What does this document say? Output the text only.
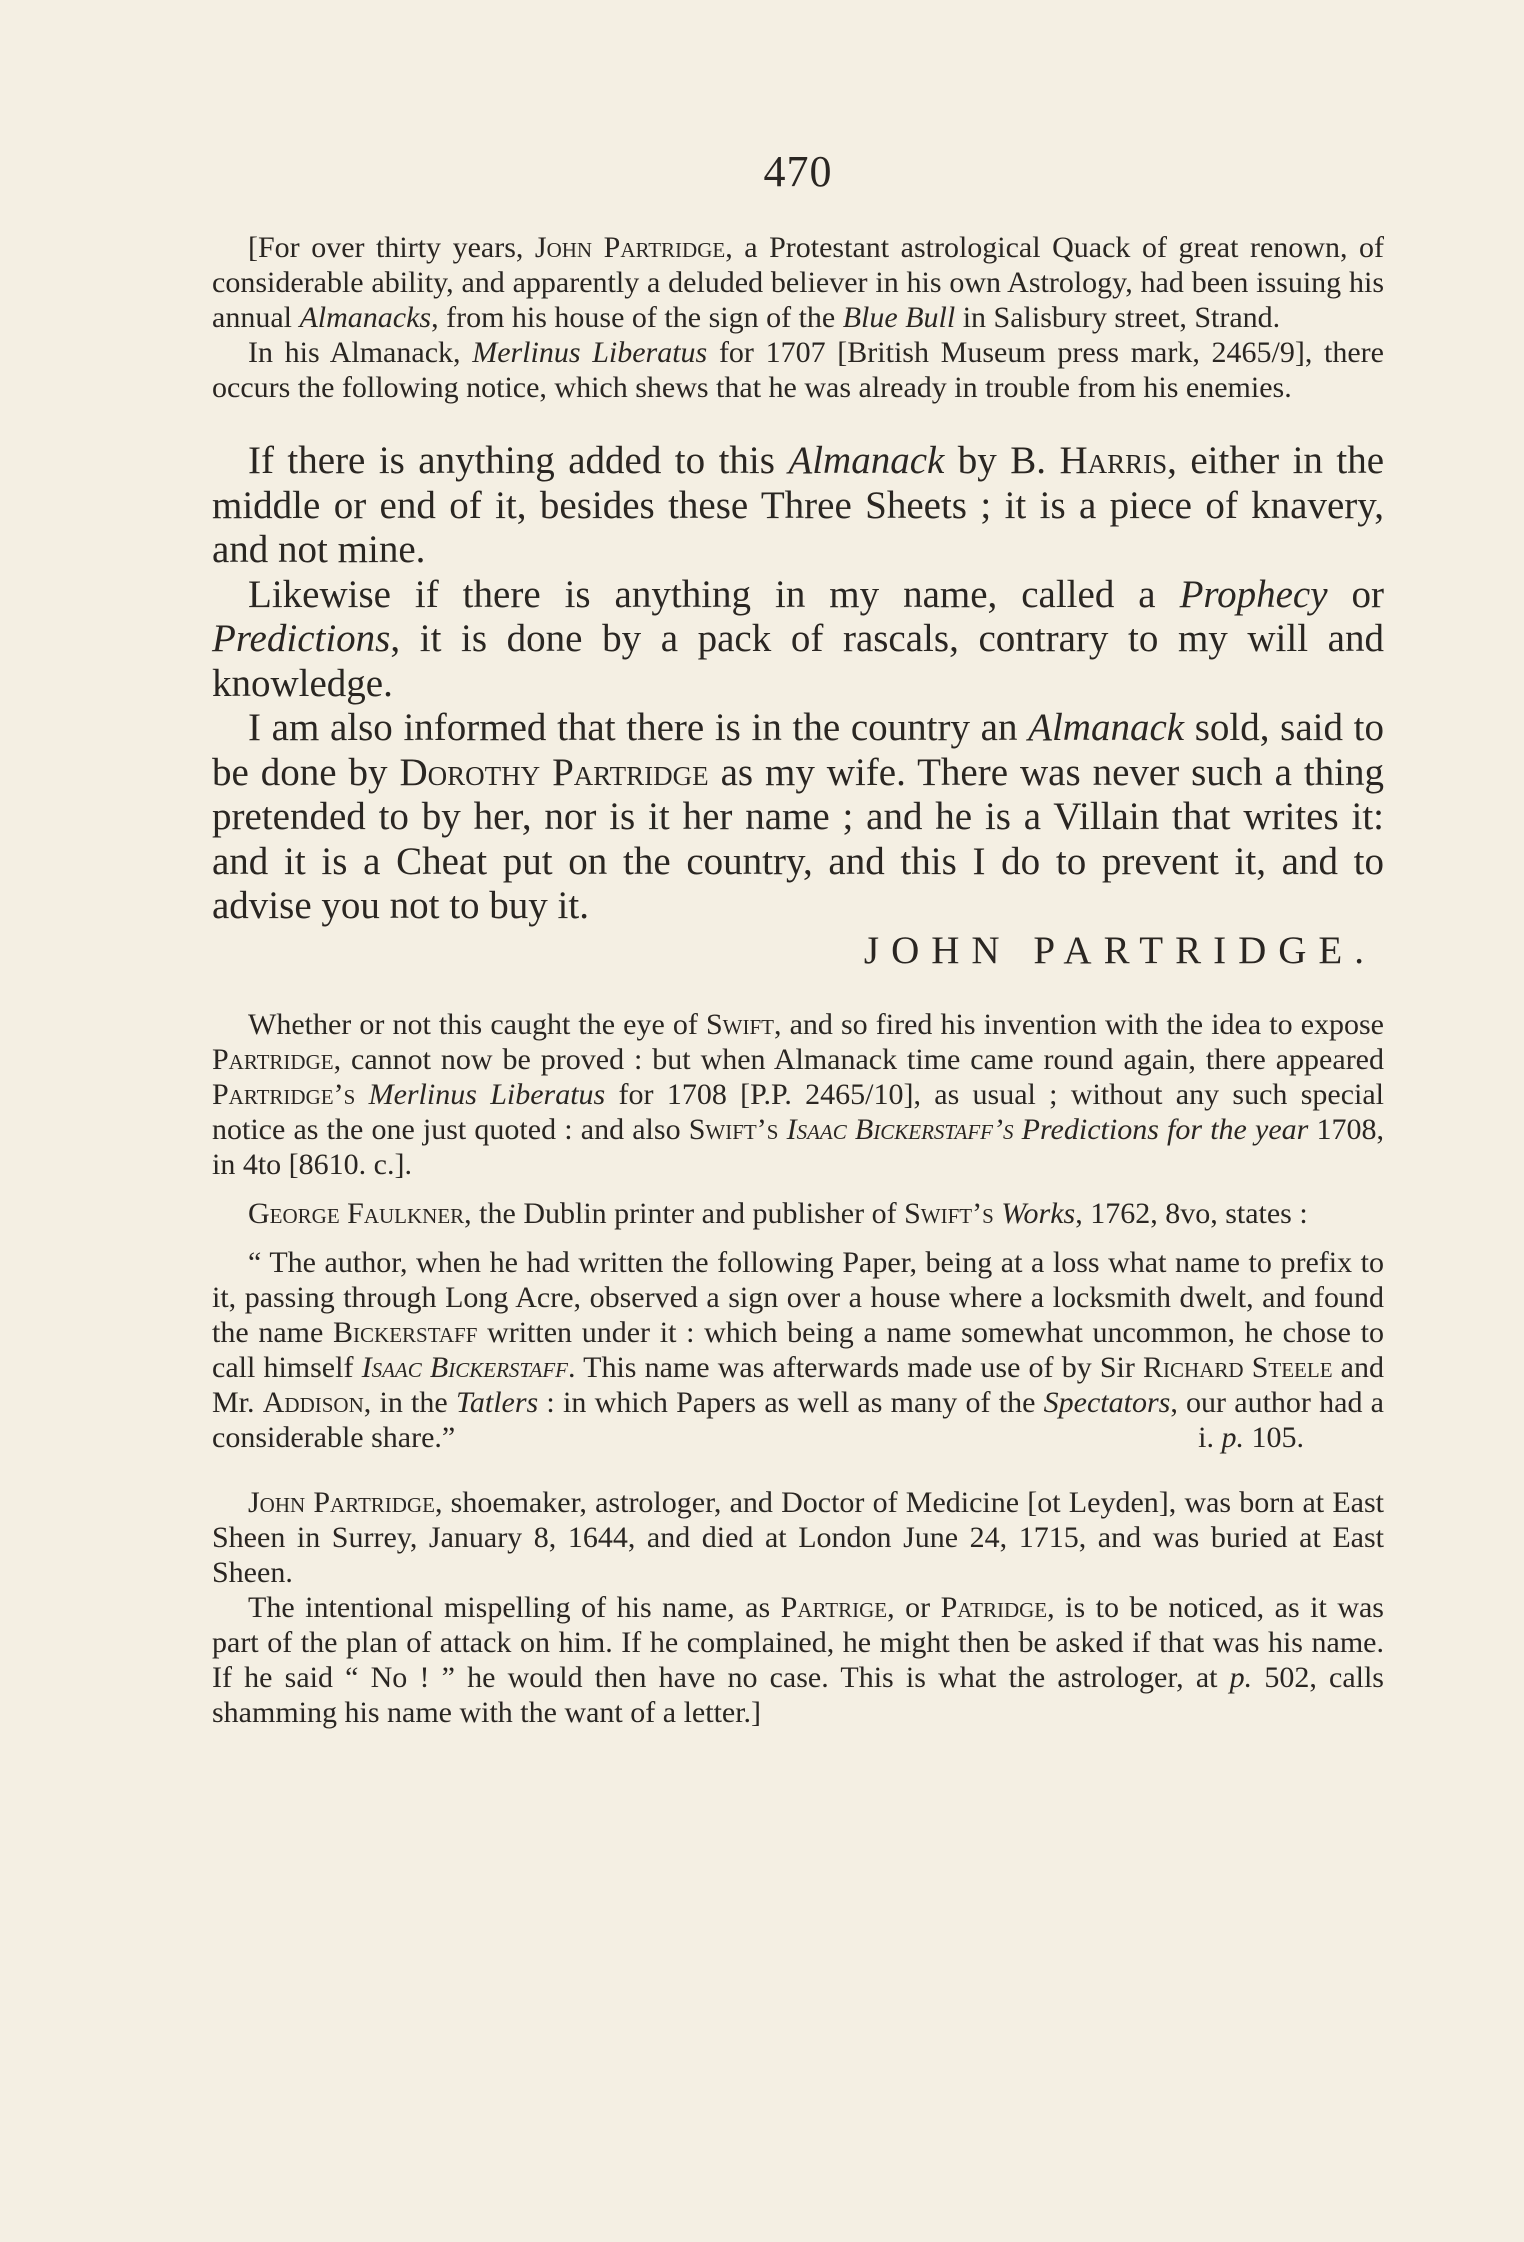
470

[For over thirty years, John Partridge, a Protestant astrological Quack of great renown, of considerable ability, and apparently a deluded believer in his own Astrology, had been issuing his annual Almanacks, from his house of the sign of the Blue Bull in Salisbury street, Strand.

In his Almanack, Merlinus Liberatus for 1707 [British Museum press mark, 2465/9], there occurs the following notice, which shews that he was already in trouble from his enemies.

If there is anything added to this Almanack by B. Harris, either in the middle or end of it, besides these Three Sheets ; it is a piece of knavery, and not mine.

Likewise if there is anything in my name, called a Prophecy or Predictions, it is done by a pack of rascals, contrary to my will and knowledge.

I am also informed that there is in the country an Almanack sold, said to be done by Dorothy Partridge as my wife. There was never such a thing pretended to by her, nor is it her name ; and he is a Villain that writes it: and it is a Cheat put on the country, and this I do to prevent it, and to advise you not to buy it.

JOHN PARTRIDGE.

Whether or not this caught the eye of Swift, and so fired his invention with the idea to expose Partridge, cannot now be proved : but when Almanack time came round again, there appeared Partridge’s Merlinus Liberatus for 1708 [P.P. 2465/10], as usual ; without any such special notice as the one just quoted : and also Swift’s Isaac Bickerstaff’s Predictions for the year 1708, in 4to [8610. c.].

George Faulkner, the Dublin printer and publisher of Swift’s Works, 1762, 8vo, states :

“ The author, when he had written the following Paper, being at a loss what name to prefix to it, passing through Long Acre, observed a sign over a house where a locksmith dwelt, and found the name Bickerstaff written under it : which being a name somewhat uncommon, he chose to call himself Isaac Bickerstaff. This name was afterwards made use of by Sir Richard Steele and Mr. Addison, in the Tatlers : in which Papers as well as many of the Spectators, our author had a considerable share.”	i. p. 105.

John Partridge, shoemaker, astrologer, and Doctor of Medicine [ot Leyden], was born at East Sheen in Surrey, January 8, 1644, and died at London June 24, 1715, and was buried at East Sheen.

The intentional mispelling of his name, as Partrige, or Patridge, is to be noticed, as it was part of the plan of attack on him. If he complained, he might then be asked if that was his name. If he said “ No ! ” he would then have no case. This is what the astrologer, at p. 502, calls shamming his name with the want of a letter.]
